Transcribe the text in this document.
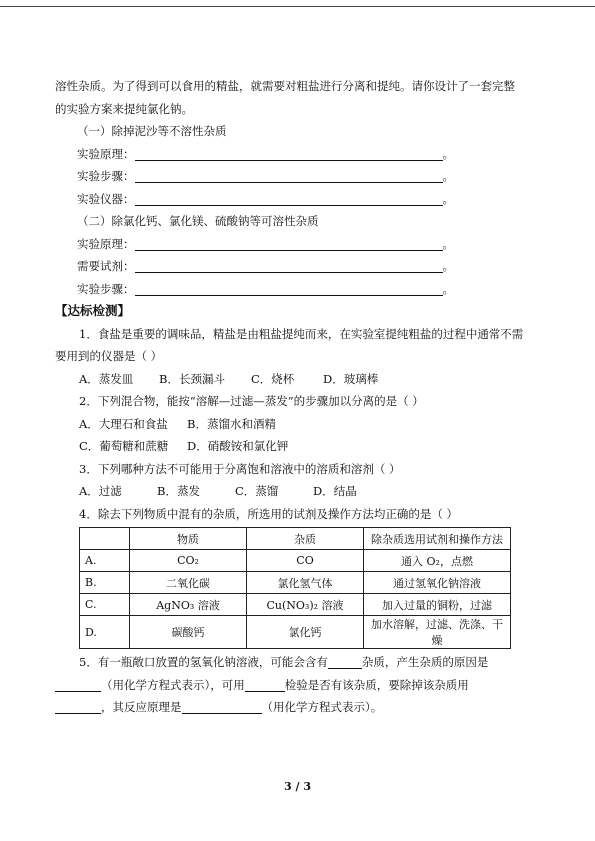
溶性杂质。为了得到可以食用的精盐，就需要对粗盐进行分离和提纯。请你设计了一套完整
的实验方案来提纯氯化钠。
（一）除掉泥沙等不溶性杂质
实验原理：	。
实验步骤：	。
实验仪器：	。
（二）除氯化钙、氯化镁、硫酸钠等可溶性杂质
实验原理：	。
需要试剂：	。
实验步骤：	。
【达标检测】
1．食盐是重要的调味品，精盐是由粗盐提纯而来，在实验室提纯粗盐的过程中通常不需
要用到的仪器是（ ）
A．蒸发皿 B．长颈漏斗 C．烧杯 D．玻璃棒
2．下列混合物，能按“溶解—过滤—蒸发”的步骤加以分离的是（ ）
A．大理石和食盐 B．蒸馏水和酒精
C．葡萄糖和蔗糖 D．硝酸铵和氯化钾
3．下列哪种方法不可能用于分离饱和溶液中的溶质和溶剂（ ）
A．过滤	B．蒸发	C．蒸馏	D．结晶
4．除去下列物质中混有的杂质，所选用的试剂及操作方法均正确的是（ ）
	物质	杂质	除杂质选用试剂和操作方法
A.	CO₂	CO	通入 O₂，点燃
B.	二氧化碳	氯化氢气体	通过氢氧化钠溶液
C.	AgNO₃ 溶液	Cu(NO₃)₂ 溶液	加入过量的铜粉，过滤
D.	碳酸钙	氯化钙	加水溶解，过滤、洗涤、干燥
5．有一瓶敞口放置的氢氧化钠溶液，可能会含有	杂质，产生杂质的原因是
（用化学方程式表示），可用	检验是否有该杂质，要除掉该杂质用
，其反应原理是	（用化学方程式表示）。
3 / 3
